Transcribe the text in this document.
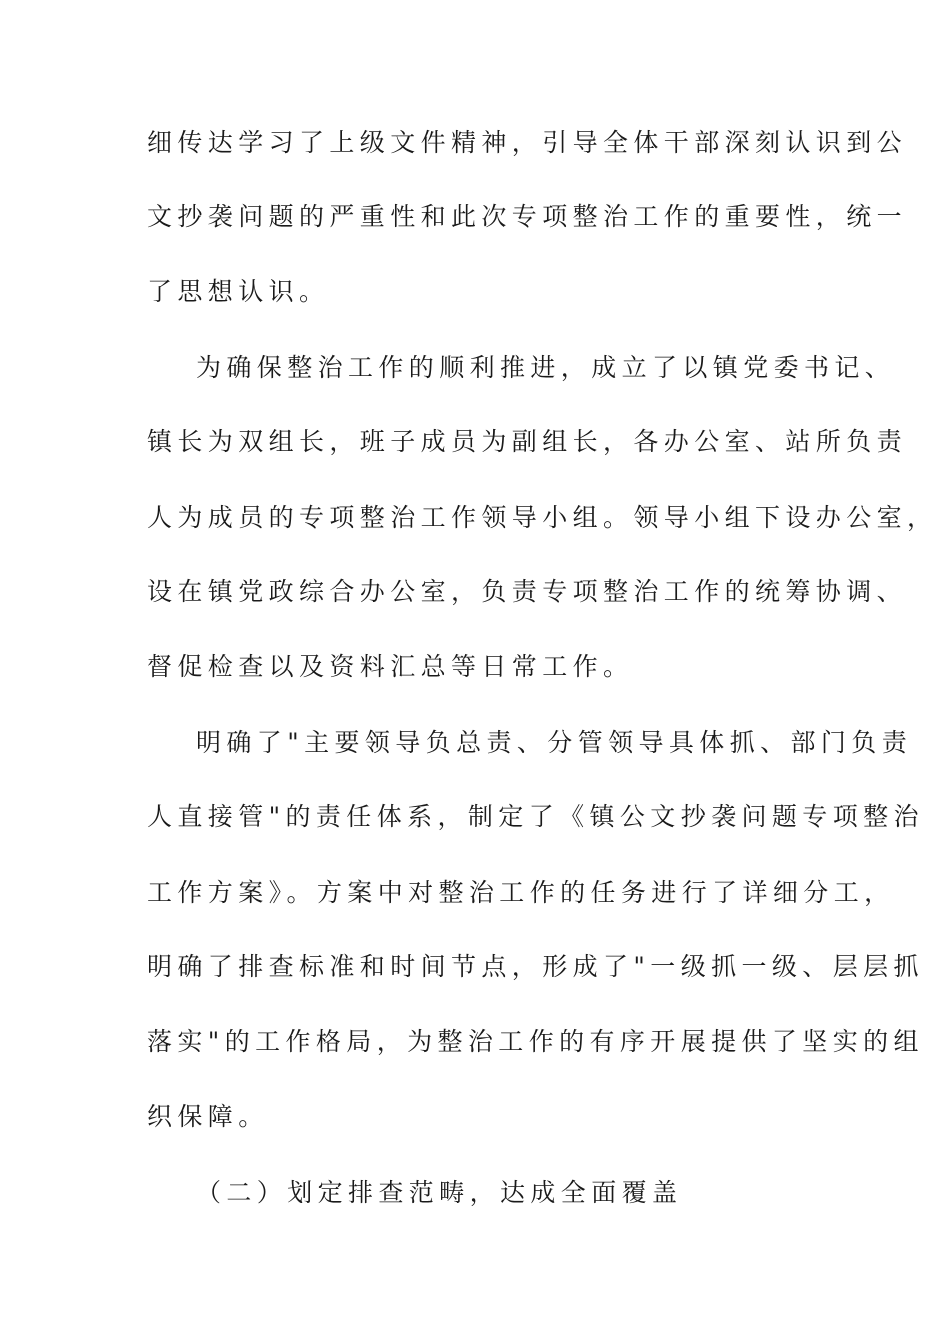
细传达学习了上级文件精神，引导全体干部深刻认识到公
文抄袭问题的严重性和此次专项整治工作的重要性，统一
了思想认识。
为确保整治工作的顺利推进，成立了以镇党委书记、
镇长为双组长，班子成员为副组长，各办公室、站所负责
人为成员的专项整治工作领导小组。领导小组下设办公室，
设在镇党政综合办公室，负责专项整治工作的统筹协调、
督促检查以及资料汇总等日常工作。
明确了"主要领导负总责、分管领导具体抓、部门负责
人直接管"的责任体系，制定了《镇公文抄袭问题专项整治
工作方案》。方案中对整治工作的任务进行了详细分工，
明确了排查标准和时间节点，形成了"一级抓一级、层层抓
落实"的工作格局，为整治工作的有序开展提供了坚实的组
织保障。
（二）划定排查范畴，达成全面覆盖
